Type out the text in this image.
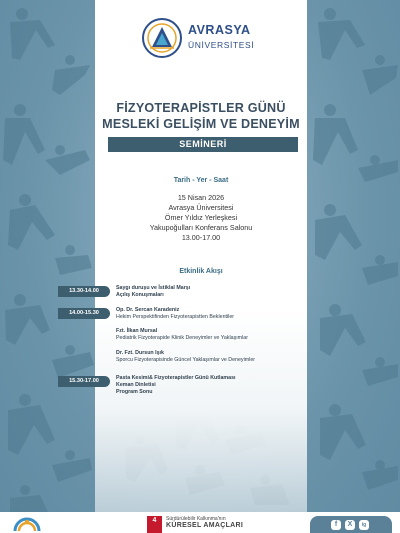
AVRASYA
ÜNİVERSİTESİ
FİZYOTERAPİSTLER GÜNÜ
MESLEKİ GELİŞİM VE DENEYİM
SEMİNERİ
Tarih - Yer - Saat
15 Nisan 2026
Avrasya Üniversitesi
Ömer Yıldız Yerleşkesi
Yakupoğulları Konferans Salonu
13.00-17.00
Etkinlik Akışı
13.30-14.00	Saygı duruşu ve İstiklal Marşı
Açılış Konuşmaları
14.00-15.30	Op. Dr. Sercan Karadeniz
Hekim Perspektifinden Fizyoterapistten Beklentiler
Fzt. İlkan Mursal
Pediatrik Fizyoterapide Klinik Deneyimler ve Yaklaşımlar
Dr. Fzt. Dursun Işık
Sporcu Fizyoterapisinde Güncel Yaklaşımlar ve Deneyimler
15.30-17.00	Pasta Kesimi& Fizyoterapistler Günü Kutlaması
Keman Dinletisi
Program Sonu
4	Sürdürülebilir Kalkınma'nın
KÜRESEL AMAÇLARI	f	X	ig
